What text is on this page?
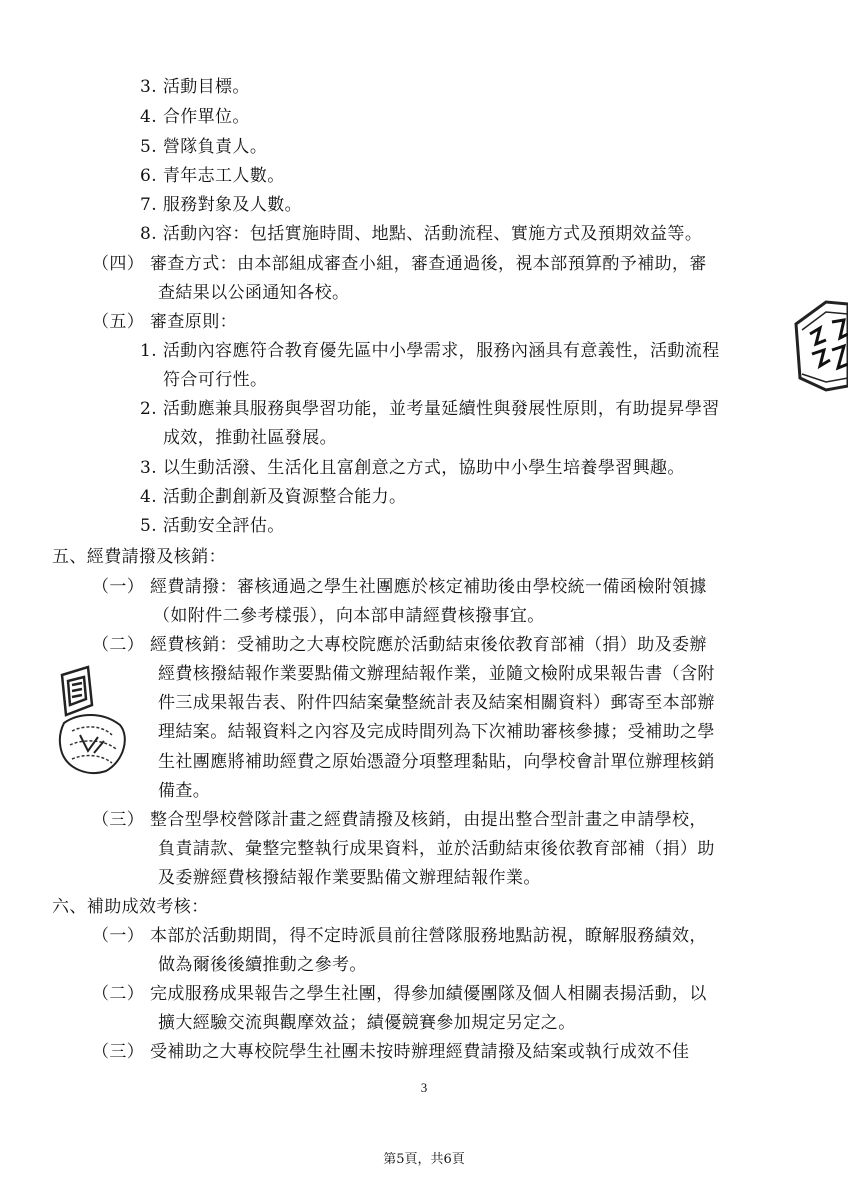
3. 活動目標。
4. 合作單位。
5. 營隊負責人。
6. 青年志工人數。
7. 服務對象及人數。
8. 活動內容：包括實施時間、地點、活動流程、實施方式及預期效益等。
（四） 審查方式：由本部組成審查小組，審查通過後，視本部預算酌予補助，審
查結果以公函通知各校。
（五） 審查原則：
1. 活動內容應符合教育優先區中小學需求，服務內涵具有意義性，活動流程
符合可行性。
2. 活動應兼具服務與學習功能，並考量延續性與發展性原則，有助提昇學習
成效，推動社區發展。
3. 以生動活潑、生活化且富創意之方式，協助中小學生培養學習興趣。
4. 活動企劃創新及資源整合能力。
5. 活動安全評估。
五、經費請撥及核銷：
（一） 經費請撥：審核通過之學生社團應於核定補助後由學校統一備函檢附領據
（如附件二參考樣張），向本部申請經費核撥事宜。
（二） 經費核銷：受補助之大專校院應於活動結束後依教育部補（捐）助及委辦
經費核撥結報作業要點備文辦理結報作業，並隨文檢附成果報告書（含附
件三成果報告表、附件四結案彙整統計表及結案相關資料）郵寄至本部辦
理結案。結報資料之內容及完成時間列為下次補助審核參據；受補助之學
生社團應將補助經費之原始憑證分項整理黏貼，向學校會計單位辦理核銷
備查。
（三） 整合型學校營隊計畫之經費請撥及核銷，由提出整合型計畫之申請學校，
負責請款、彙整完整執行成果資料，並於活動結束後依教育部補（捐）助
及委辦經費核撥結報作業要點備文辦理結報作業。
六、補助成效考核：
（一） 本部於活動期間，得不定時派員前往營隊服務地點訪視，瞭解服務績效，
做為爾後後續推動之參考。
（二） 完成服務成果報告之學生社團，得參加績優團隊及個人相關表揚活動，以
擴大經驗交流與觀摩效益；績優競賽參加規定另定之。
（三） 受補助之大專校院學生社團未按時辦理經費請撥及結案或執行成效不佳
3
第5頁，共6頁
